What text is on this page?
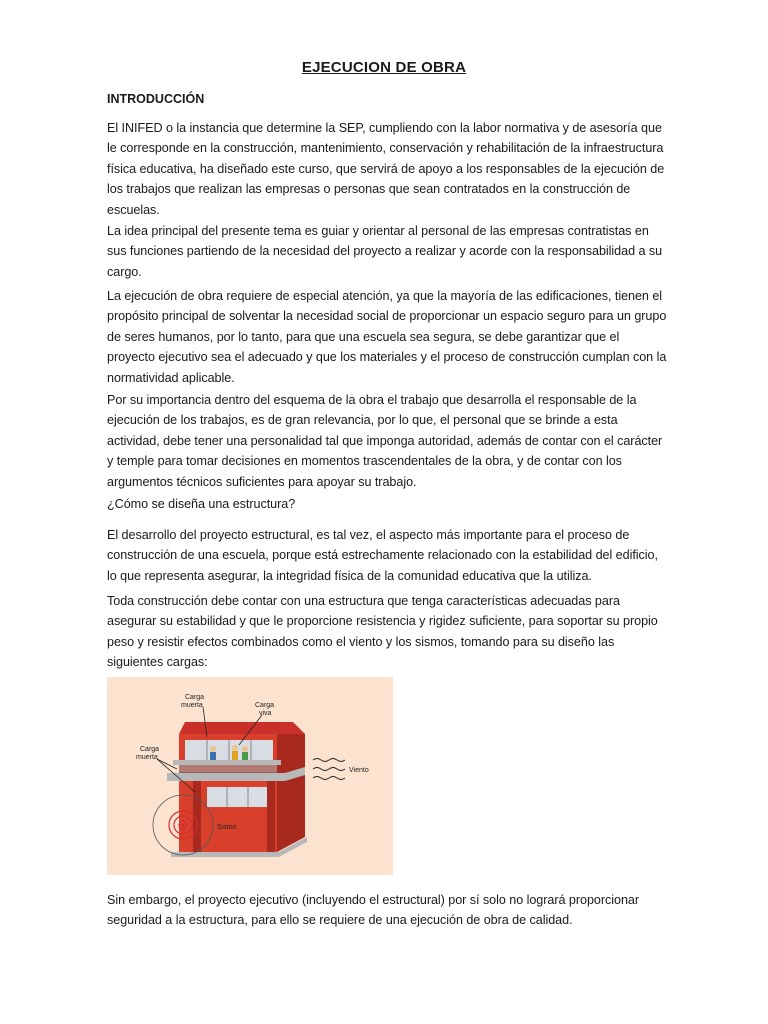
EJECUCION DE OBRA
INTRODUCCIÓN

El INIFED o la instancia que determine la SEP, cumpliendo con la labor normativa y de asesoría que le corresponde en la construcción, mantenimiento, conservación y rehabilitación de la infraestructura física educativa, ha diseñado este curso, que servirá de apoyo a los responsables de la ejecución de los trabajos que realizan las empresas o personas que sean contratados en la construcción de escuelas.

La idea principal del presente tema es guiar y orientar al personal de las empresas contratistas en sus funciones partiendo de la necesidad del proyecto a realizar y acorde con la responsabilidad a su cargo.

La ejecución de obra requiere de especial atención, ya que la mayoría de las edificaciones, tienen el propósito principal de solventar la necesidad social de proporcionar un espacio seguro para un grupo de seres humanos, por lo tanto, para que una escuela sea segura, se debe garantizar que el proyecto ejecutivo sea el adecuado y que los materiales y el proceso de construcción cumplan con la normatividad aplicable.

Por su importancia dentro del esquema de la obra el trabajo que desarrolla el responsable de la ejecución de los trabajos, es de gran relevancia, por lo que, el personal que se brinde a esta actividad, debe tener una personalidad tal que imponga autoridad, además de contar con el carácter y temple para tomar decisiones en momentos trascendentales de la obra, y de contar con los argumentos técnicos suficientes para apoyar su trabajo.

¿Cómo se diseña una estructura?

El desarrollo del proyecto estructural, es tal vez, el aspecto más importante para el proceso de construcción de una escuela, porque está estrechamente relacionado con la estabilidad del edificio, lo que representa asegurar, la integridad física de la comunidad educativa que la utiliza.

Toda construcción debe contar con una estructura que tenga características adecuadas para asegurar su estabilidad y que le proporcione resistencia y rigidez suficiente, para soportar su propio peso y resistir efectos combinados como el viento y los sismos, tomando para su diseño las siguientes cargas:

Carga
muerta	Carga
viva
Carga
muerta
Viento
Sismo

Sin embargo, el proyecto ejecutivo (incluyendo el estructural) por sí solo no logrará proporcionar seguridad a la estructura, para ello se requiere de una ejecución de obra de calidad.
